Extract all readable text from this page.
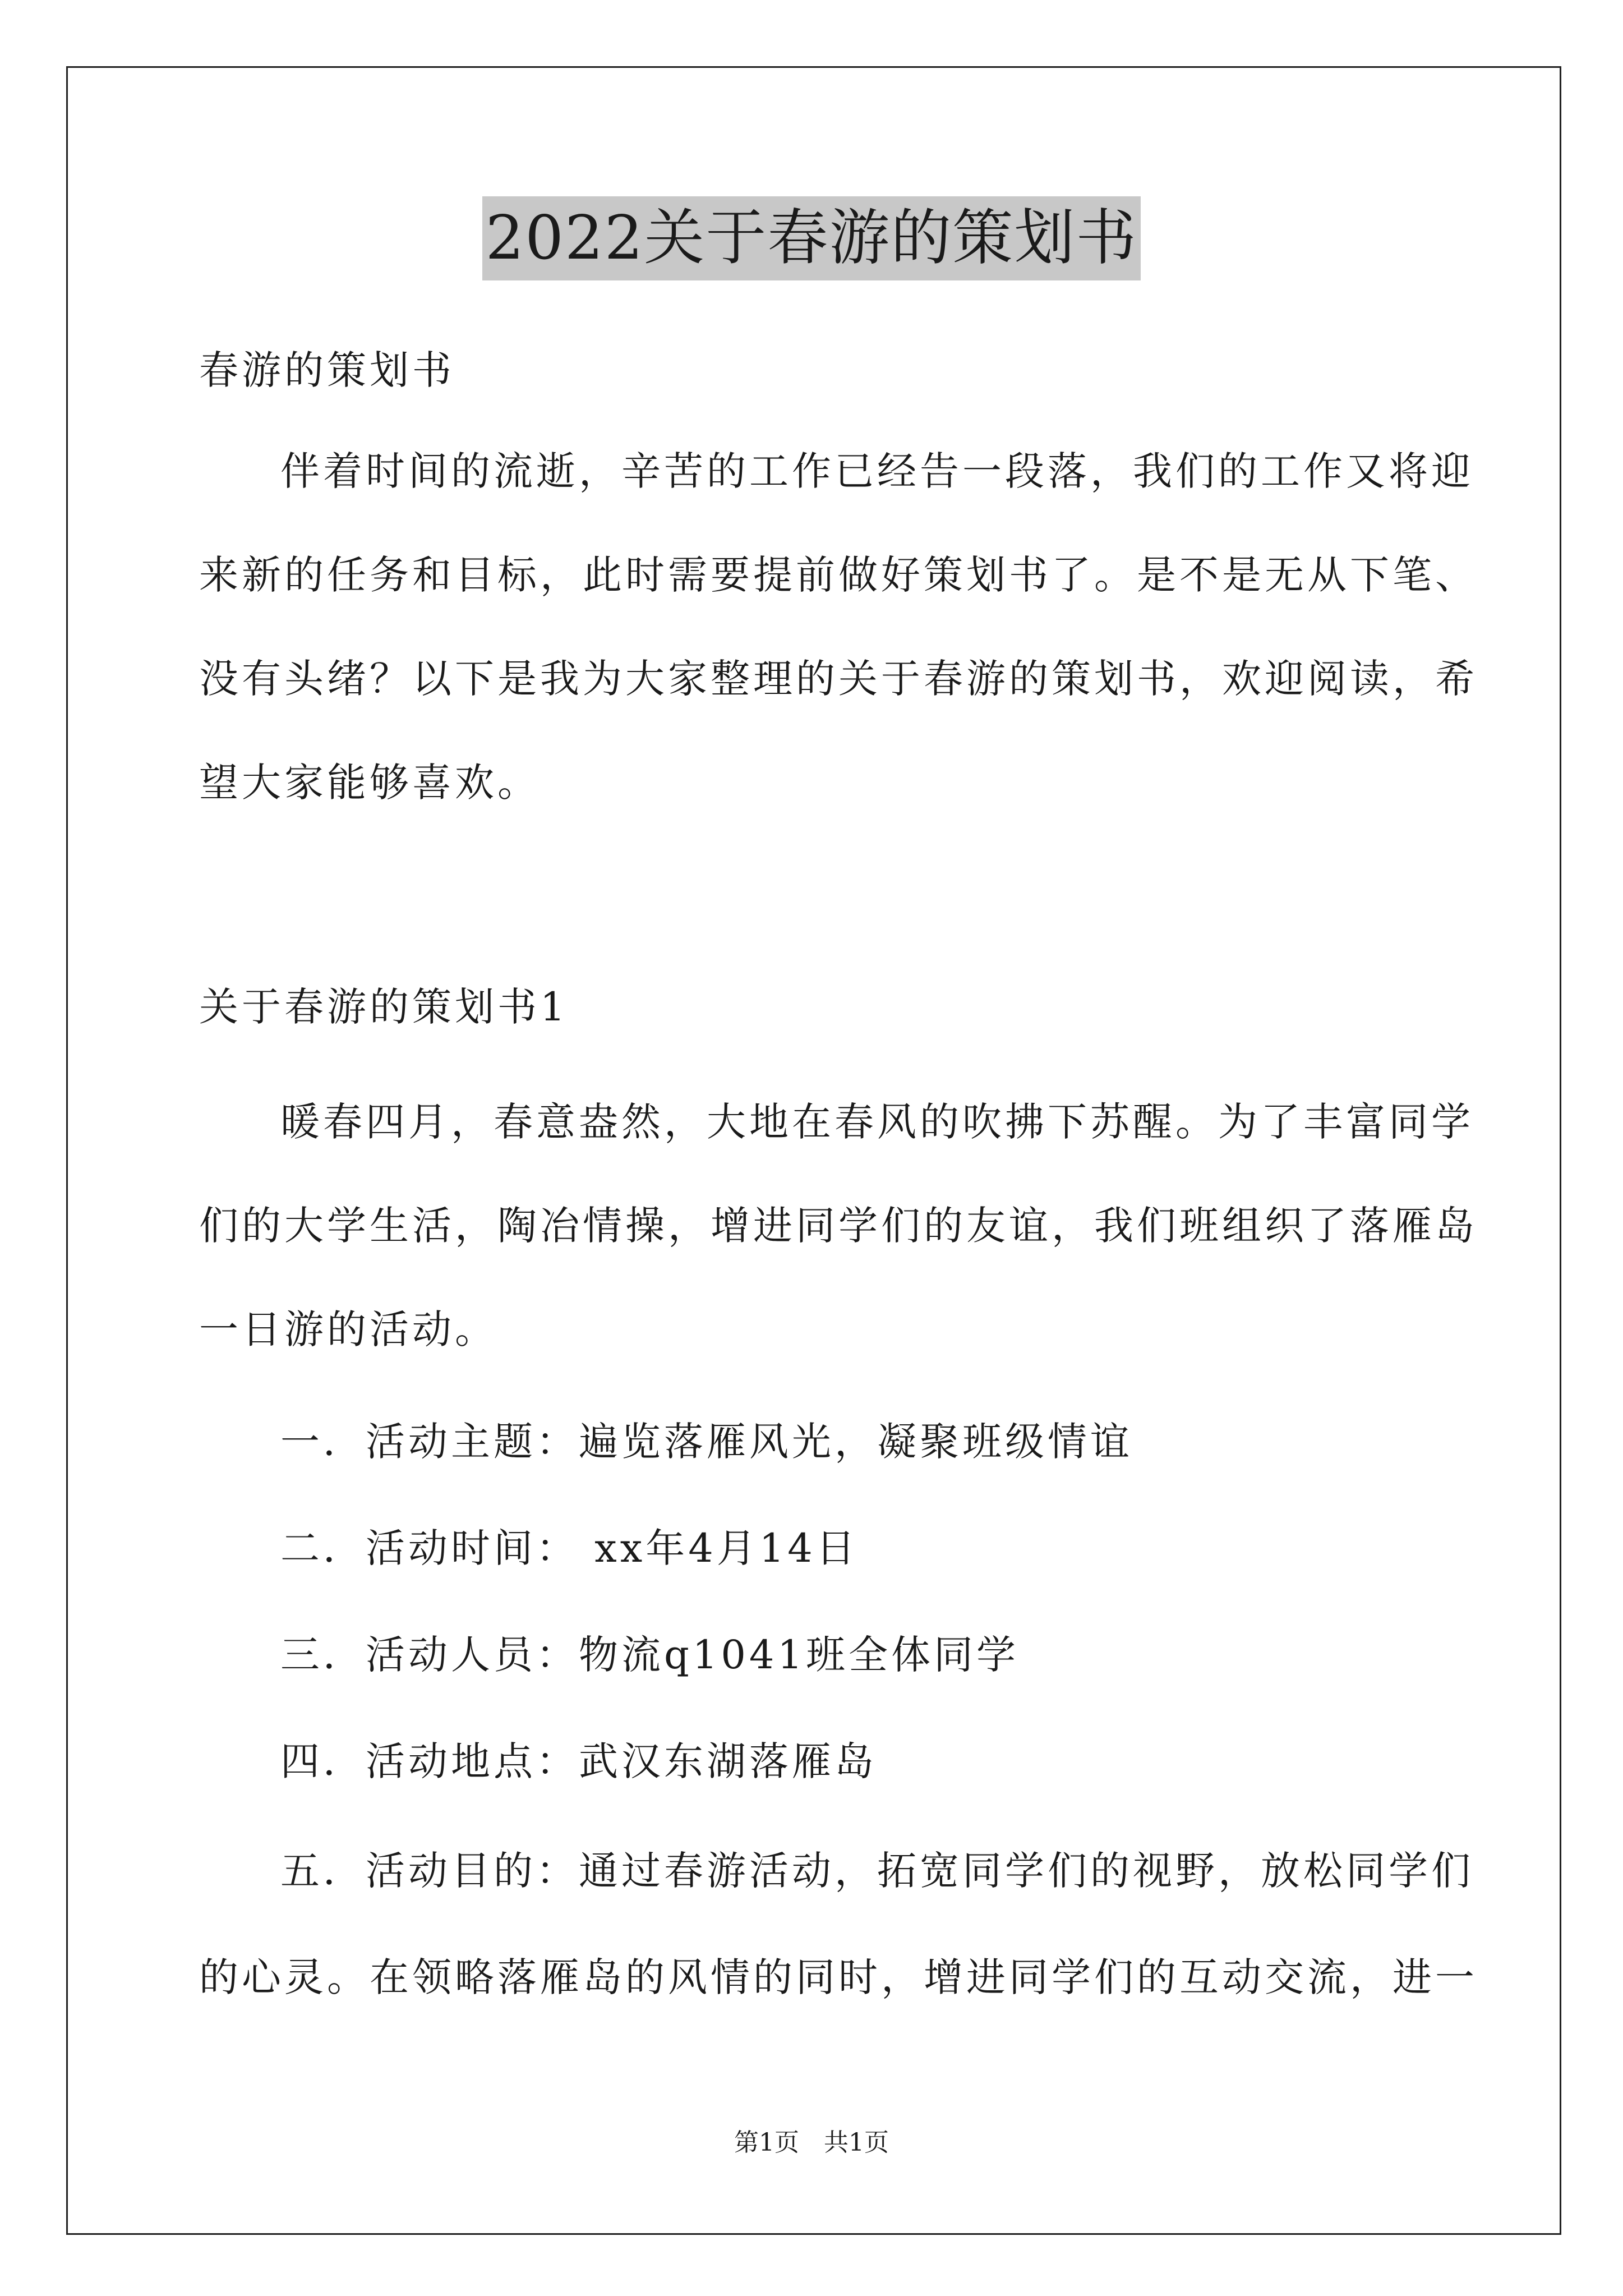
2022关于春游的策划书
春游的策划书
伴着时间的流逝，辛苦的工作已经告一段落，我们的工作又将迎
来新的任务和目标，此时需要提前做好策划书了。是不是无从下笔、
没有头绪？以下是我为大家整理的关于春游的策划书，欢迎阅读，希
望大家能够喜欢。
关于春游的策划书1
暖春四月，春意盎然，大地在春风的吹拂下苏醒。为了丰富同学
们的大学生活，陶冶情操，增进同学们的友谊，我们班组织了落雁岛
一日游的活动。
一．活动主题：遍览落雁风光，凝聚班级情谊
二．活动时间： xx年4月14日
三．活动人员：物流q1041班全体同学
四．活动地点：武汉东湖落雁岛
五．活动目的：通过春游活动，拓宽同学们的视野，放松同学们
的心灵。在领略落雁岛的风情的同时，增进同学们的互动交流，进一
第1页　共1页
